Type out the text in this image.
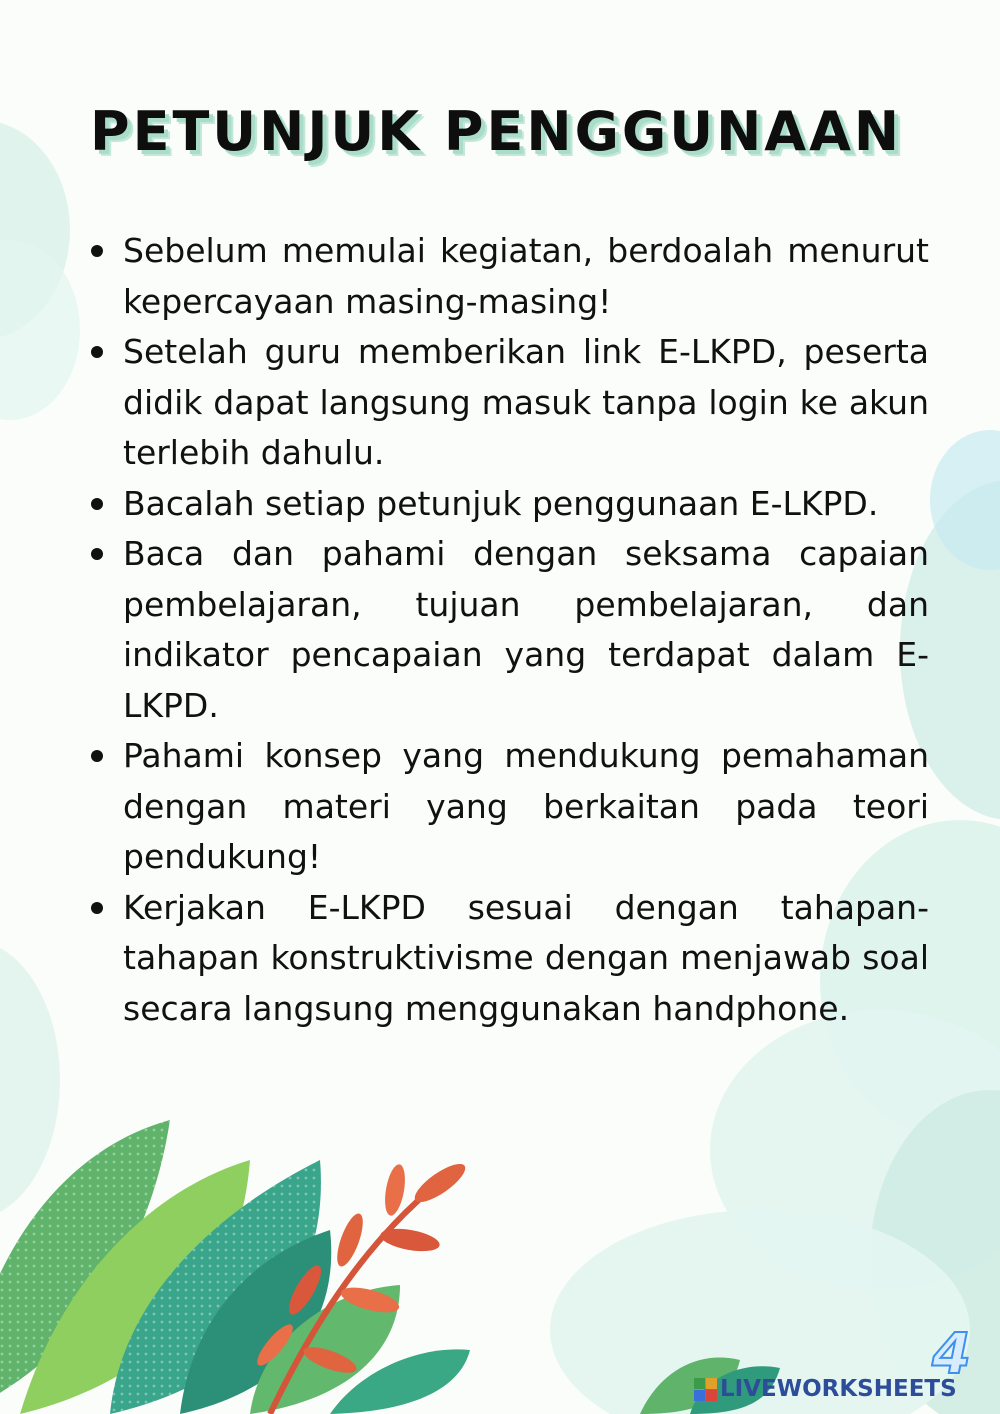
PETUNJUK PENGGUNAAN
Sebelum memulai kegiatan, berdoalah menurut kepercayaan masing-masing!
Setelah guru memberikan link E-LKPD, peserta didik dapat langsung masuk tanpa login ke akun terlebih dahulu.
Bacalah setiap petunjuk penggunaan E-LKPD.
Baca dan pahami dengan seksama capaian pembelajaran, tujuan pembelajaran, dan indikator pencapaian yang terdapat dalam E-LKPD.
Pahami konsep yang mendukung pemahaman dengan materi yang berkaitan pada teori pendukung!
Kerjakan E-LKPD sesuai dengan tahapan-tahapan konstruktivisme dengan menjawab soal secara langsung menggunakan handphone.
4
LIVEWORKSHEETS
